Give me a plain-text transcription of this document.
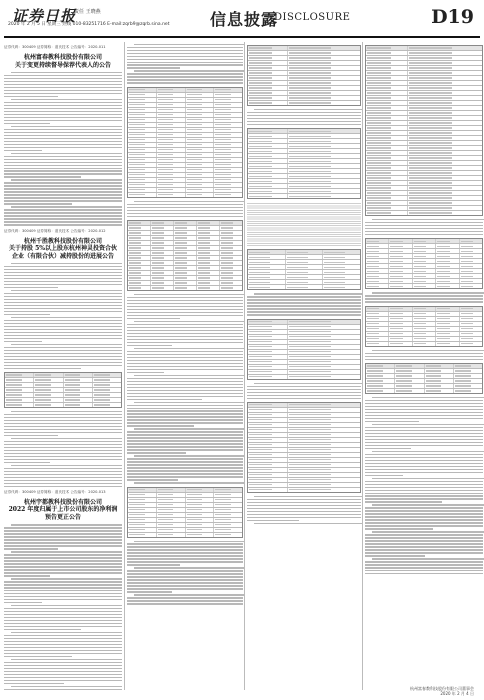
证券日报
责任 王晓燕
2020 年 2 月 5 日 星期三 热线 010-83251716 E-mail:zqrb9@zqrb.sina.net	信息披露
DISCLOSURE	D19
证券代码：300409 证券简称：道氏技术 公告编号：2020-011
杭州富春教科技股份有限公司
关于变更持续督导保荐代表人的公告
证券代码：300409 证券简称：道氏技术 公告编号：2020-012
杭州千胜教科技股份有限公司
关于持股 5%以上股东杭州神灵投资合伙
企业（有限合伙）减持股份的进展公告
证券代码：300409 证券简称：道氏技术 公告编号：2020-013
杭州宇都教科技股份有限公司
2022 年度归属于上市公司股东的净利润
预告更正公告
杭州富春教科技股份有限公司董事会
2020 年 2 月 4 日
